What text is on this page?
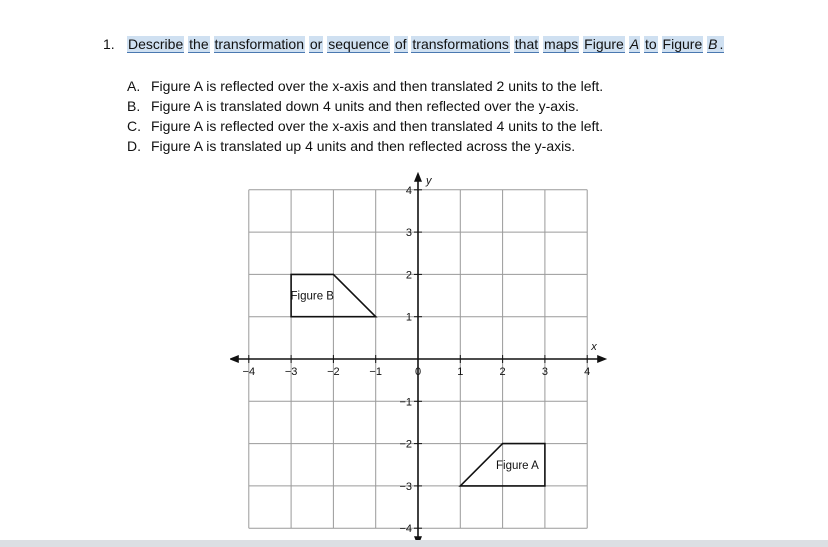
1. Describe the transformation or sequence of transformations that maps Figure A to Figure B .
A. Figure A is reflected over the x-axis and then translated 2 units to the left.
B. Figure A is translated down 4 units and then reflected over the y-axis.
C. Figure A is reflected over the x-axis and then translated 4 units to the left.
D. Figure A is translated up 4 units and then reflected across the y-axis.
x
y
−4	−3	−2	−1	0	1	2	3	4
4
3
2
1
−1
−2
−3
−4
Figure B
Figure A
